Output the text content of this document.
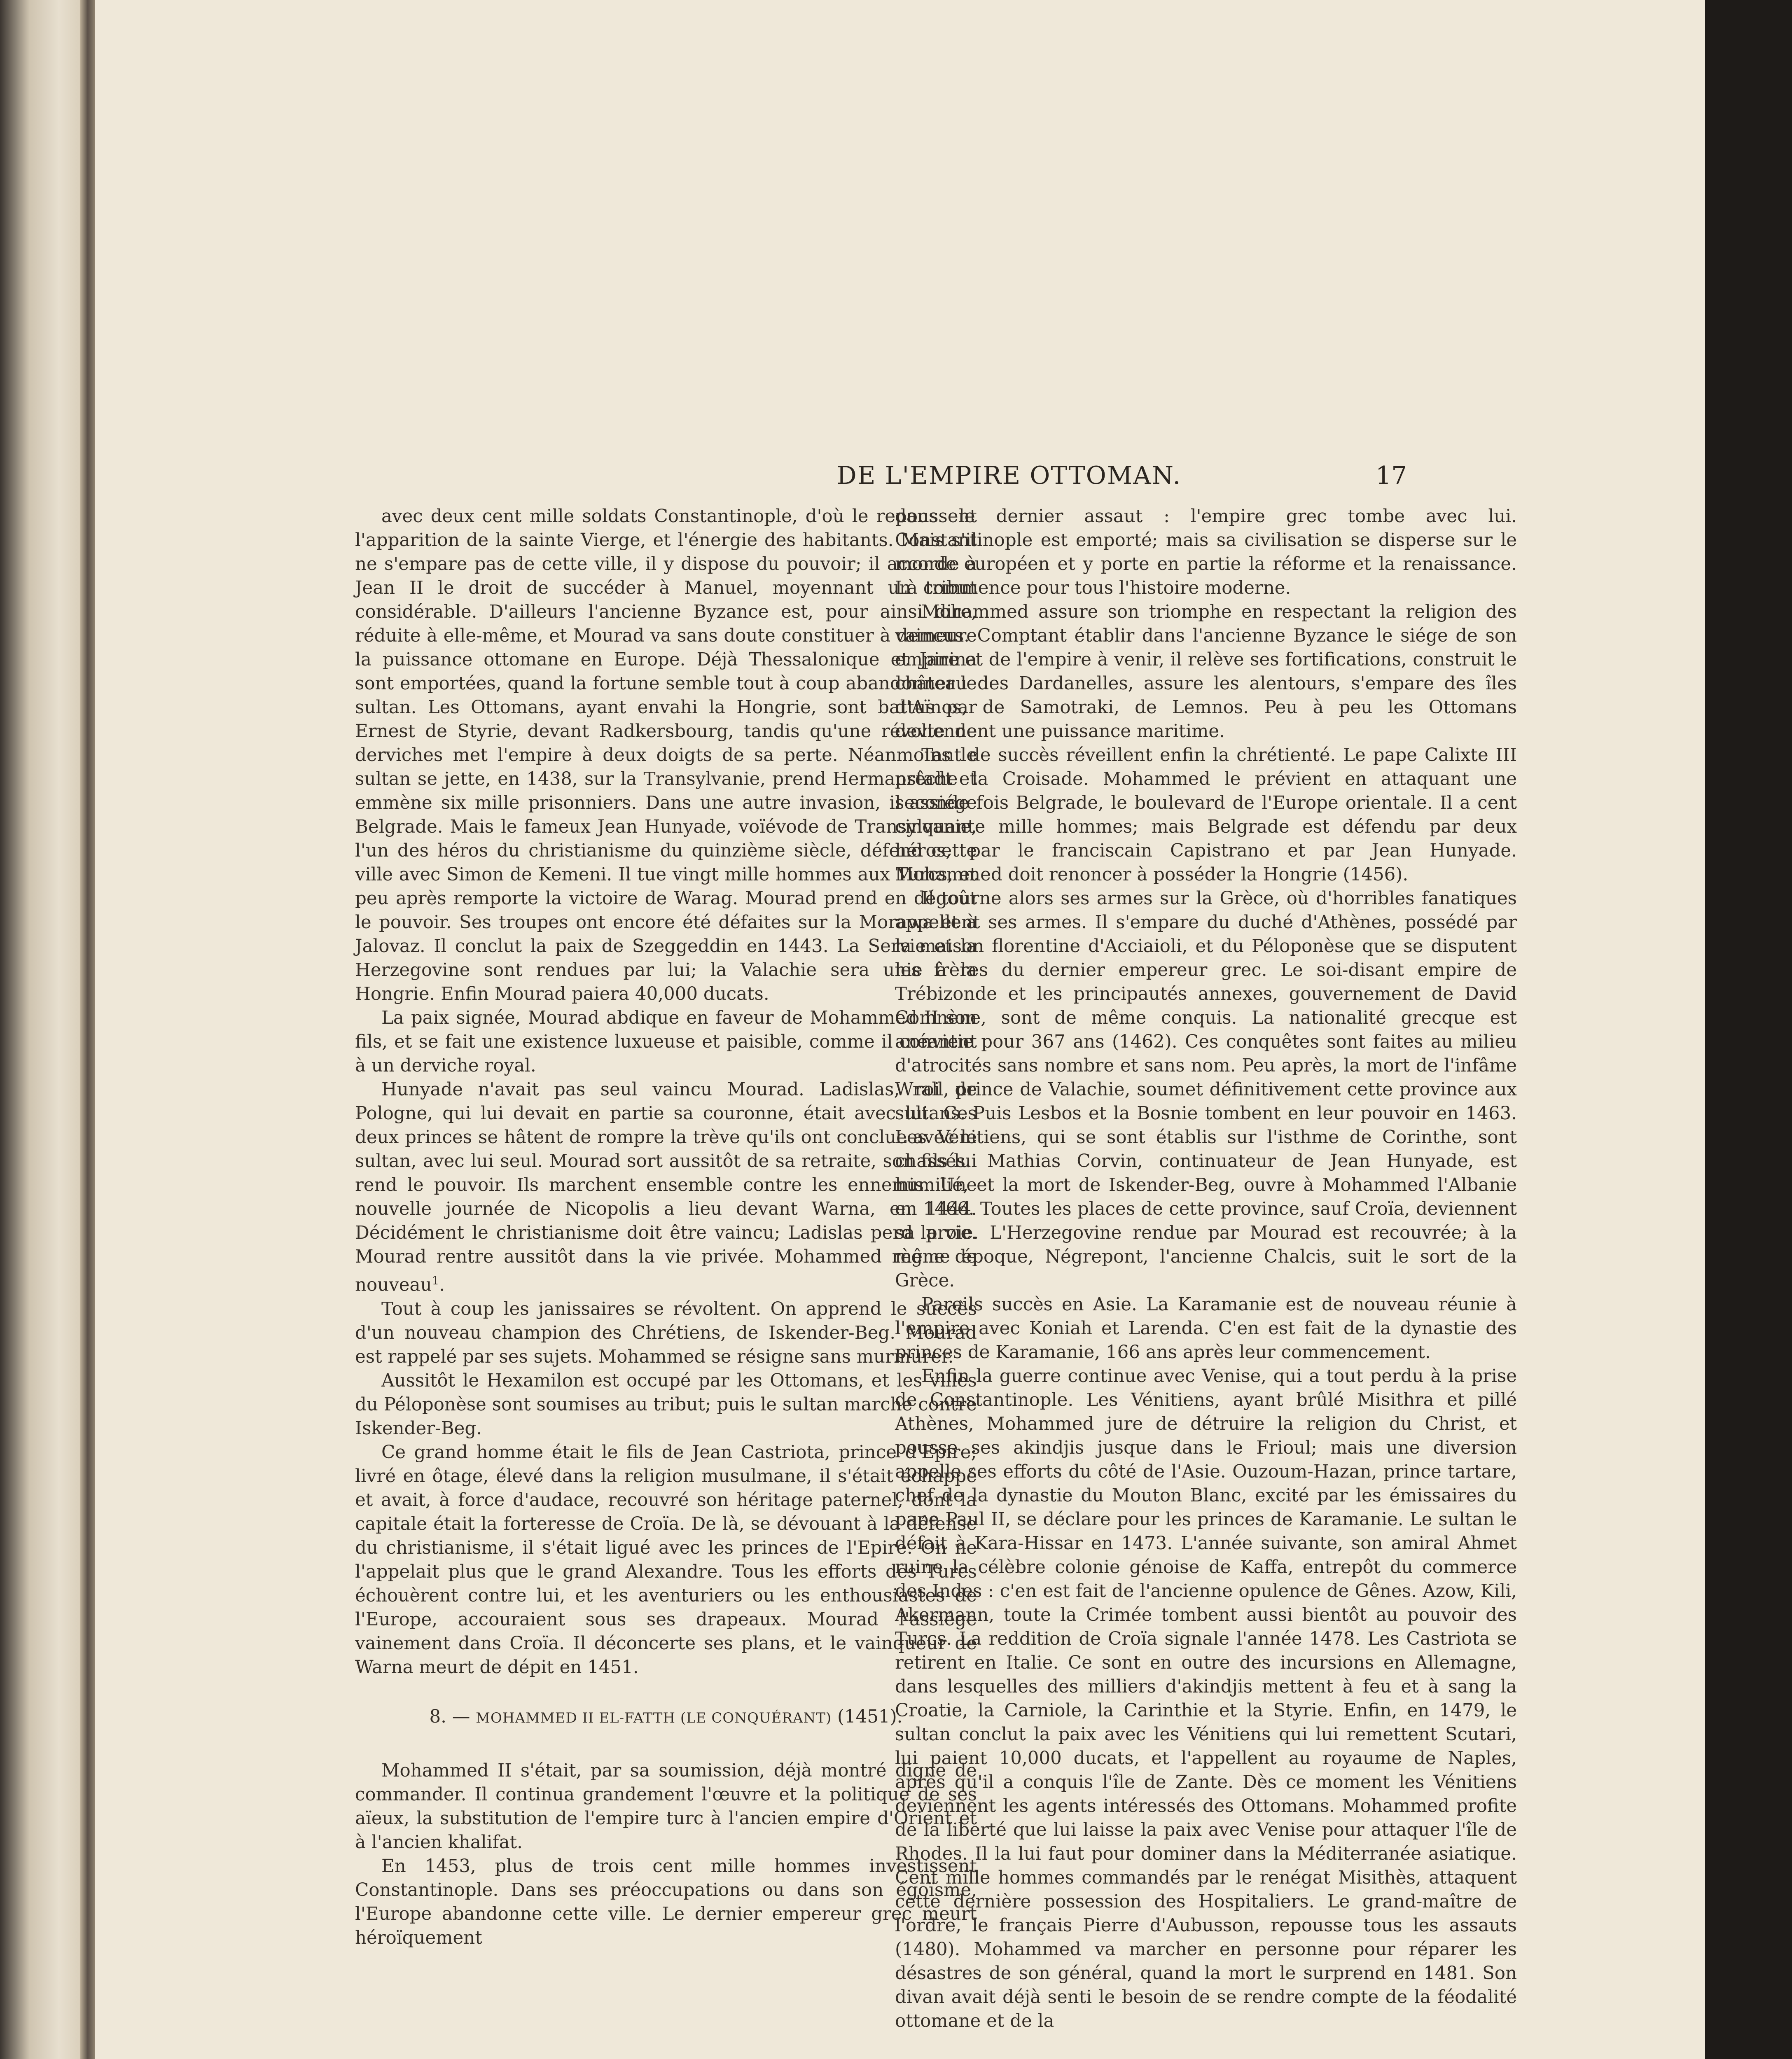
DE L'EMPIRE OTTOMAN.	17

avec deux cent mille soldats Constantinople, d'où le repoussent l'apparition de la sainte Vierge, et l'énergie des habitants. Mais s'il ne s'empare pas de cette ville, il y dispose du pouvoir; il accorde à Jean II le droit de succéder à Manuel, moyennant un tribut considérable. D'ailleurs l'ancienne Byzance est, pour ainsi dire, réduite à elle-même, et Mourad va sans doute constituer à demeure la puissance ottomane en Europe. Déjà Thessalonique et Janina sont emportées, quand la fortune semble tout à coup abandonner le sultan. Les Ottomans, ayant envahi la Hongrie, sont battus par Ernest de Styrie, devant Radkersbourg, tandis qu'une révolte de derviches met l'empire à deux doigts de sa perte. Néanmoins le sultan se jette, en 1438, sur la Transylvanie, prend Hermanstadt et emmène six mille prisonniers. Dans une autre invasion, il assiége Belgrade. Mais le fameux Jean Hunyade, voïévode de Transylvanie, l'un des héros du christianisme du quinzième siècle, défend cette ville avec Simon de Kemeni. Il tue vingt mille hommes aux Turcs, et peu après remporte la victoire de Warag. Mourad prend en dégoût le pouvoir. Ses troupes ont encore été défaites sur la Morawa et à Jalovaz. Il conclut la paix de Szeggeddin en 1443. La Servie et la Herzegovine sont rendues par lui; la Valachie sera unie à la Hongrie. Enfin Mourad paiera 40,000 ducats.

La paix signée, Mourad abdique en faveur de Mohammed II son fils, et se fait une existence luxueuse et paisible, comme il convient à un derviche royal.

Hunyade n'avait pas seul vaincu Mourad. Ladislas, roi de Pologne, qui lui devait en partie sa couronne, était avec lui. Ces deux princes se hâtent de rompre la trève qu'ils ont conclue avec le sultan, avec lui seul. Mourad sort aussitôt de sa retraite, son fils lui rend le pouvoir. Ils marchent ensemble contre les ennemis. Une nouvelle journée de Nicopolis a lieu devant Warna, en 1444. Décidément le christianisme doit être vaincu; Ladislas perd la vie. Mourad rentre aussitôt dans la vie privée. Mohammed règne de nouveau$^1$.

Tout à coup les janissaires se révoltent. On apprend le succès d'un nouveau champion des Chrétiens, de Iskender-Beg. Mourad est rappelé par ses sujets. Mohammed se résigne sans murmurer.

Aussitôt le Hexamilon est occupé par les Ottomans, et les villes du Péloponèse sont soumises au tribut; puis le sultan marche contre Iskender-Beg.

Ce grand homme était le fils de Jean Castriota, prince d'Epire; livré en ôtage, élevé dans la religion musulmane, il s'était échappé et avait, à force d'audace, recouvré son héritage paternel, dont la capitale était la forteresse de Croïa. De là, se dévouant à la défense du christianisme, il s'était ligué avec les princes de l'Epire. On ne l'appelait plus que le grand Alexandre. Tous les efforts des Turcs échouèrent contre lui, et les aventuriers ou les enthousiastes de l'Europe, accouraient sous ses drapeaux. Mourad l'assiége vainement dans Croïa. Il déconcerte ses plans, et le vainqueur de Warna meurt de dépit en 1451.

8. — MOHAMMED II EL-FATTH (LE CONQUÉRANT) (1451).

Mohammed II s'était, par sa soumission, déjà montré digne de commander. Il continua grandement l'œuvre et la politique de ses aïeux, la substitution de l'empire turc à l'ancien empire d'Orient et à l'ancien khalifat.

En 1453, plus de trois cent mille hommes investissent Constantinople. Dans ses préoccupations ou dans son égoïsme, l'Europe abandonne cette ville. Le dernier empereur grec meurt héroïquement

dans le dernier assaut : l'empire grec tombe avec lui. Constantinople est emporté; mais sa civilisation se disperse sur le monde européen et y porte en partie la réforme et la renaissance. Là commence pour tous l'histoire moderne.

Mohammed assure son triomphe en respectant la religion des vaincus. Comptant établir dans l'ancienne Byzance le siége de son empire et de l'empire à venir, il relève ses fortifications, construit le château des Dardanelles, assure les alentours, s'empare des îles d'Aïnos, de Samotraki, de Lemnos. Peu à peu les Ottomans deviennent une puissance maritime.

Tant de succès réveillent enfin la chrétienté. Le pape Calixte III prêche la Croisade. Mohammed le prévient en attaquant une seconde fois Belgrade, le boulevard de l'Europe orientale. Il a cent cinquante mille hommes; mais Belgrade est défendu par deux héros, par le franciscain Capistrano et par Jean Hunyade. Mohammed doit renoncer à posséder la Hongrie (1456).

Il tourne alors ses armes sur la Grèce, où d'horribles fanatiques appellent ses armes. Il s'empare du duché d'Athènes, possédé par la maison florentine d'Acciaioli, et du Péloponèse que se disputent les frères du dernier empereur grec. Le soi-disant empire de Trébizonde et les principautés annexes, gouvernement de David Comnène, sont de même conquis. La nationalité grecque est anéantie pour 367 ans (1462). Ces conquêtes sont faites au milieu d'atrocités sans nombre et sans nom. Peu après, la mort de l'infâme Wrall, prince de Valachie, soumet définitivement cette province aux sultans. Puis Lesbos et la Bosnie tombent en leur pouvoir en 1463. Les Vénitiens, qui se sont établis sur l'isthme de Corinthe, sont chassés. Mathias Corvin, continuateur de Jean Hunyade, est humilié, et la mort de Iskender-Beg, ouvre à Mohammed l'Albanie en 1466. Toutes les places de cette province, sauf Croïa, deviennent sa proie. L'Herzegovine rendue par Mourad est recouvrée; à la même époque, Négrepont, l'ancienne Chalcis, suit le sort de la Grèce.

Pareils succès en Asie. La Karamanie est de nouveau réunie à l'empire avec Koniah et Larenda. C'en est fait de la dynastie des princes de Karamanie, 166 ans après leur commencement.

Enfin la guerre continue avec Venise, qui a tout perdu à la prise de Constantinople. Les Vénitiens, ayant brûlé Misithra et pillé Athènes, Mohammed jure de détruire la religion du Christ, et pousse ses akindjis jusque dans le Frioul; mais une diversion appelle ses efforts du côté de l'Asie. Ouzoum-Hazan, prince tartare, chef de la dynastie du Mouton Blanc, excité par les émissaires du pape Paul II, se déclare pour les princes de Karamanie. Le sultan le défait à Kara-Hissar en 1473. L'année suivante, son amiral Ahmet ruine la célèbre colonie génoise de Kaffa, entrepôt du commerce des Indes : c'en est fait de l'ancienne opulence de Gênes. Azow, Kili, Akermann, toute la Crimée tombent aussi bientôt au pouvoir des Turcs. La reddition de Croïa signale l'année 1478. Les Castriota se retirent en Italie. Ce sont en outre des incursions en Allemagne, dans lesquelles des milliers d'akindjis mettent à feu et à sang la Croatie, la Carniole, la Carinthie et la Styrie. Enfin, en 1479, le sultan conclut la paix avec les Vénitiens qui lui remettent Scutari, lui paient 10,000 ducats, et l'appellent au royaume de Naples, après qu'il a conquis l'île de Zante. Dès ce moment les Vénitiens deviennent les agents intéressés des Ottomans. Mohammed profite de la liberté que lui laisse la paix avec Venise pour attaquer l'île de Rhodes. Il la lui faut pour dominer dans la Méditerranée asiatique. Cent mille hommes commandés par le renégat Misithès, attaquent cette dernière possession des Hospitaliers. Le grand-maître de l'ordre, le français Pierre d'Aubusson, repousse tous les assauts (1480). Mohammed va marcher en personne pour réparer les désastres de son général, quand la mort le surprend en 1481. Son divan avait déjà senti le besoin de se rendre compte de la féodalité ottomane et de la
